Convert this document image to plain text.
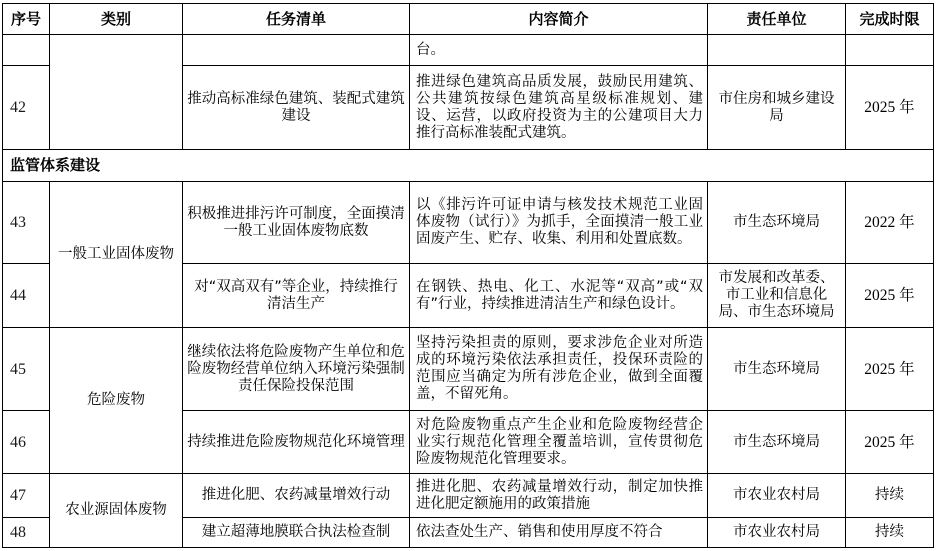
序号	类别	任务清单	内容简介	责任单位	完成时限
			台。		
42		推动高标准绿色建筑、装配式建筑建设	推进绿色建筑高品质发展，鼓励民用建筑、公共建筑按绿色建筑高星级标准规划、建设、运营，以政府投资为主的公建项目大力推行高标准装配式建筑。	市住房和城乡建设局	2025 年
监管体系建设					
43	一般工业固体废物	积极推进排污许可制度，全面摸清一般工业固体废物底数	以《排污许可证申请与核发技术规范工业固体废物（试行）》为抓手，全面摸清一般工业固废产生、贮存、收集、利用和处置底数。	市生态环境局	2022 年
44		对“双高双有”等企业，持续推行清洁生产	在钢铁、热电、化工、水泥等“双高”或“双有”行业，持续推进清洁生产和绿色设计。	市发展和改革委、市工业和信息化局、市生态环境局	2025 年
45	危险废物	继续依法将危险废物产生单位和危险废物经营单位纳入环境污染强制责任保险投保范围	坚持污染担责的原则，要求涉危企业对所造成的环境污染依法承担责任，投保环责险的范围应当确定为所有涉危企业，做到全面覆盖，不留死角。	市生态环境局	2025 年
46		持续推进危险废物规范化环境管理	对危险废物重点产生企业和危险废物经营企业实行规范化管理全覆盖培训，宣传贯彻危险废物规范化管理要求。	市生态环境局	2025 年
47	农业源固体废物	推进化肥、农药减量增效行动	推进化肥、农药减量增效行动，制定加快推进化肥定额施用的政策措施	市农业农村局	持续
48		建立超薄地膜联合执法检查制	依法查处生产、销售和使用厚度不符合	市农业农村局	持续
